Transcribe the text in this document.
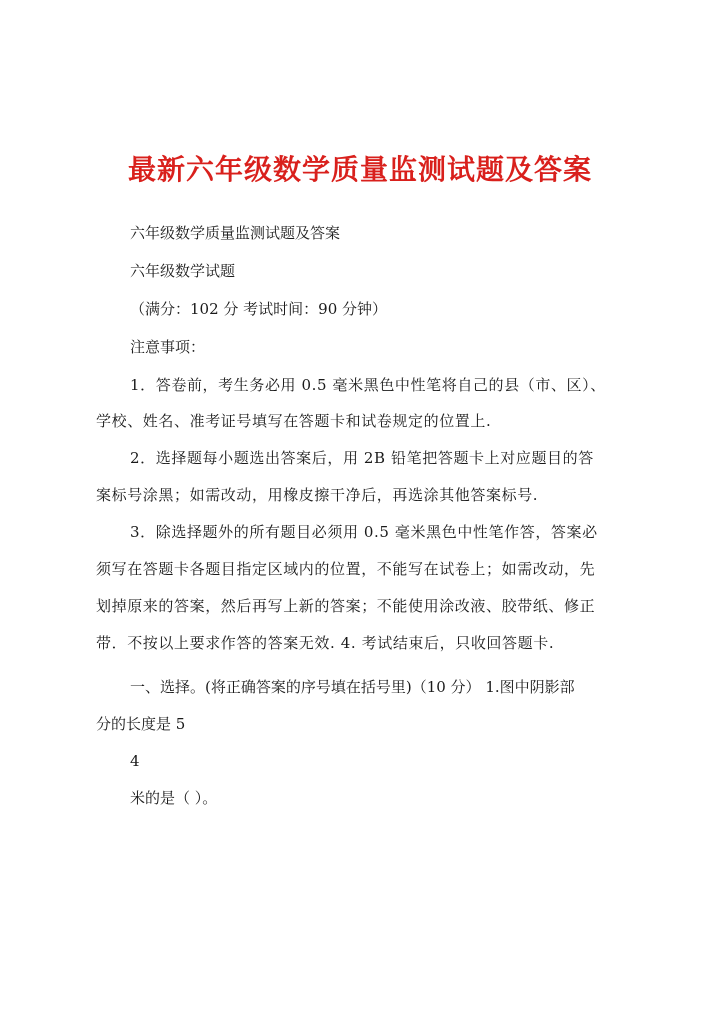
最新六年级数学质量监测试题及答案
六年级数学质量监测试题及答案
六年级数学试题
（满分：102 分 考试时间：90 分钟）
注意事项：
1．答卷前，考生务必用 0.5 毫米黑色中性笔将自己的县（市、区）、
学校、姓名、准考证号填写在答题卡和试卷规定的位置上.
2．选择题每小题选出答案后，用 2B 铅笔把答题卡上对应题目的答
案标号涂黑；如需改动，用橡皮擦干净后，再选涂其他答案标号.
3．除选择题外的所有题目必须用 0.5 毫米黑色中性笔作答，答案必
须写在答题卡各题目指定区域内的位置，不能写在试卷上；如需改动，先
划掉原来的答案，然后再写上新的答案；不能使用涂改液、胶带纸、修正
带．不按以上要求作答的答案无效. 4. 考试结束后，只收回答题卡.
一、选择。(将正确答案的序号填在括号里)（10 分） 1.图中阴影部
分的长度是 5
4
米的是（ ）。
